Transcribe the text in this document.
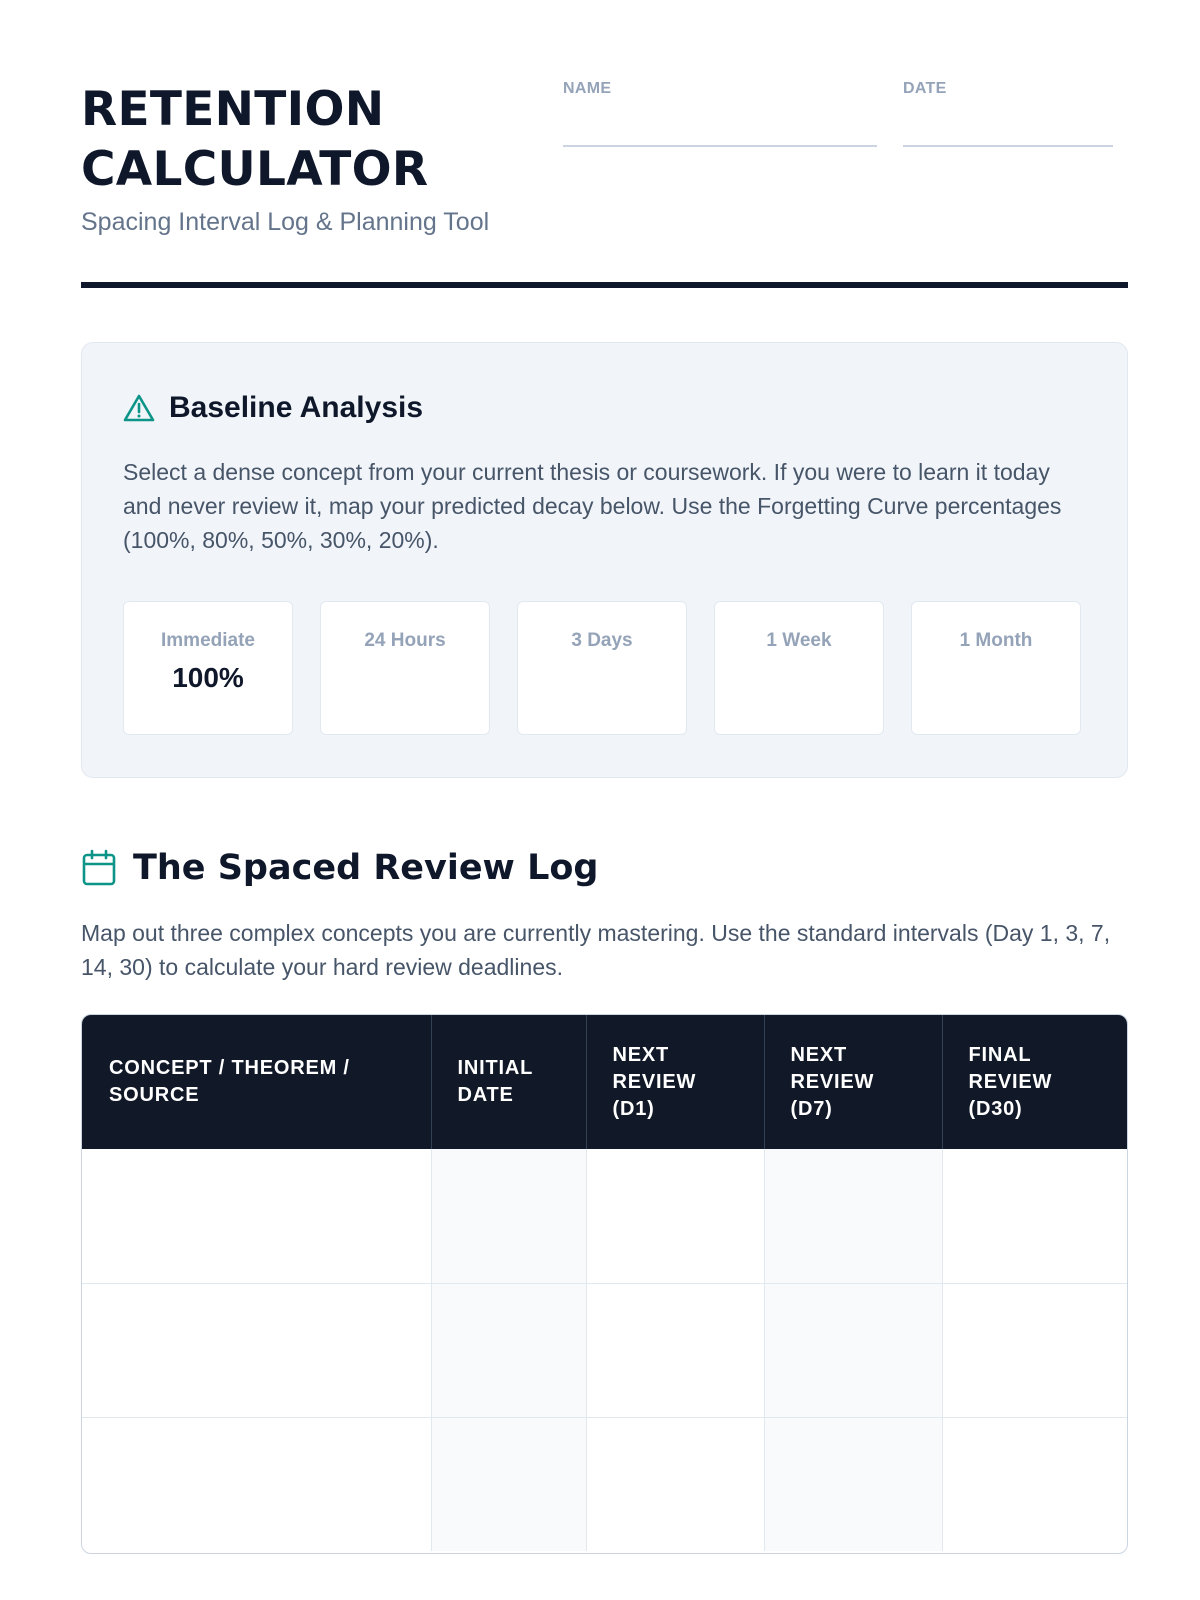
RETENTION
CALCULATOR
Spacing Interval Log & Planning Tool
NAME	DATE
Baseline Analysis

Select a dense concept from your current thesis or coursework. If you were to learn it today and never review it, map your predicted decay below. Use the Forgetting Curve percentages (100%, 80%, 50%, 30%, 20%).

Immediate
100%
24 Hours	3 Days	1 Week	1 Month
The Spaced Review Log

Map out three complex concepts you are currently mastering. Use the standard intervals (Day 1, 3, 7, 14, 30) to calculate your hard review deadlines.

CONCEPT / THEOREM / SOURCE	INITIAL DATE	NEXT REVIEW (D1)	NEXT REVIEW (D7)	FINAL REVIEW (D30)
